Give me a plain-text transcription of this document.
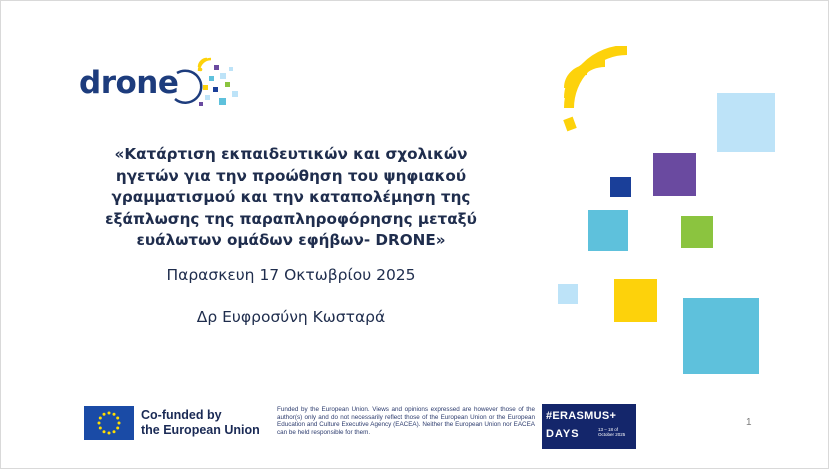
drone

«Κατάρτιση εκπαιδευτικών και σχολικών ηγετών για την προώθηση του ψηφιακού γραμματισμού και την καταπολέμηση της εξάπλωσης της παραπληροφόρησης μεταξύ ευάλωτων ομάδων εφήβων- DRONE»

Παρασκευη 17 Οκτωβρίου 2025
Δρ Ευφροσύνη Κωσταρά
Co-funded by
the European Union
Funded by the European Union. Views and opinions expressed are however those of the author(s) only and do not necessarily reflect those of the European Union or the European Education and Culture Executive Agency (EACEA). Neither the European Union nor EACEA can be held responsible for them.
#ERASMUS+
DAYS	13 – 18 of October 2025
1
